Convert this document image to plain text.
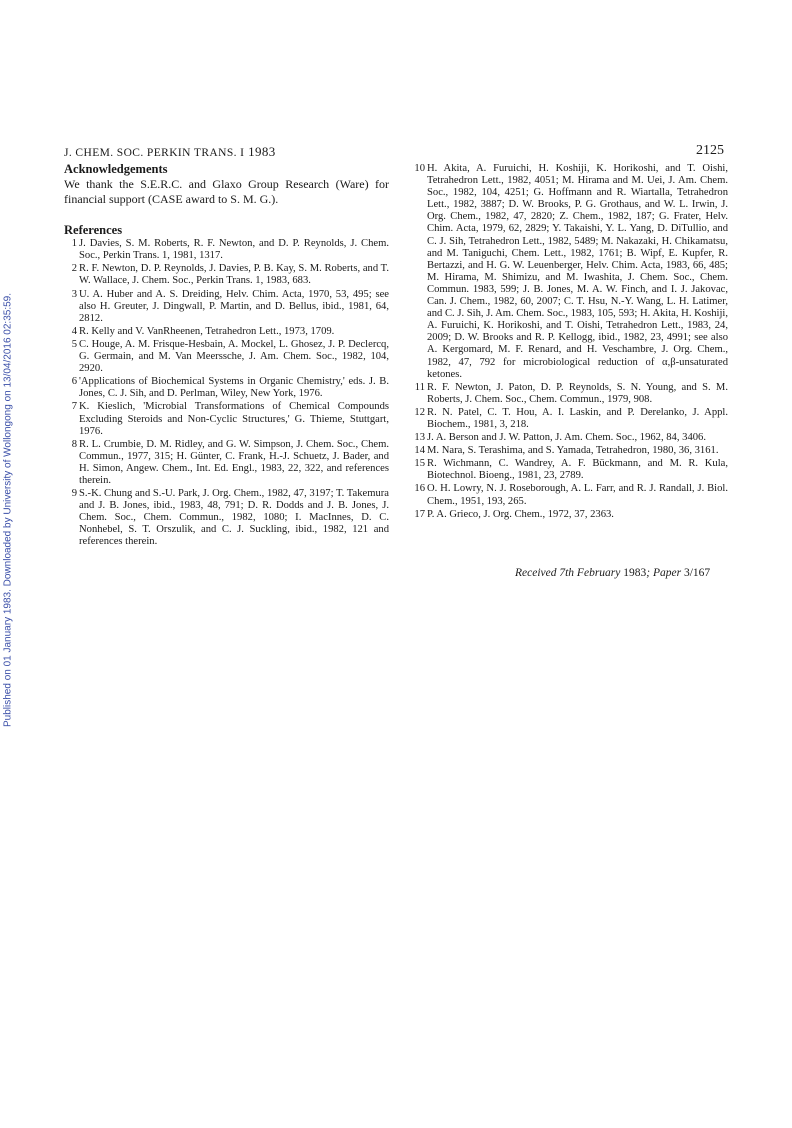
Published on 01 January 1983. Downloaded by University of Wollongong on 13/04/2016 02:35:59.
J. CHEM. SOC. PERKIN TRANS. I 1983	2125
Acknowledgements

We thank the S.E.R.C. and Glaxo Group Research (Ware) for financial support (CASE award to S. M. G.).

References
1 J. Davies, S. M. Roberts, R. F. Newton, and D. P. Reynolds, J. Chem. Soc., Perkin Trans. 1, 1981, 1317.
2 R. F. Newton, D. P. Reynolds, J. Davies, P. B. Kay, S. M. Roberts, and T. W. Wallace, J. Chem. Soc., Perkin Trans. 1, 1983, 683.
3 U. A. Huber and A. S. Dreiding, Helv. Chim. Acta, 1970, 53, 495; see also H. Greuter, J. Dingwall, P. Martin, and D. Bellus, ibid., 1981, 64, 2812.
4 R. Kelly and V. VanRheenen, Tetrahedron Lett., 1973, 1709.
5 C. Houge, A. M. Frisque-Hesbain, A. Mockel, L. Ghosez, J. P. Declercq, G. Germain, and M. Van Meerssche, J. Am. Chem. Soc., 1982, 104, 2920.
6 'Applications of Biochemical Systems in Organic Chemistry,' eds. J. B. Jones, C. J. Sih, and D. Perlman, Wiley, New York, 1976.
7 K. Kieslich, 'Microbial Transformations of Chemical Compounds Excluding Steroids and Non-Cyclic Structures,' G. Thieme, Stuttgart, 1976.
8 R. L. Crumbie, D. M. Ridley, and G. W. Simpson, J. Chem. Soc., Chem. Commun., 1977, 315; H. Günter, C. Frank, H.-J. Schuetz, J. Bader, and H. Simon, Angew. Chem., Int. Ed. Engl., 1983, 22, 322, and references therein.
9 S.-K. Chung and S.-U. Park, J. Org. Chem., 1982, 47, 3197; T. Takemura and J. B. Jones, ibid., 1983, 48, 791; D. R. Dodds and J. B. Jones, J. Chem. Soc., Chem. Commun., 1982, 1080; I. MacInnes, D. C. Nonhebel, S. T. Orszulik, and C. J. Suckling, ibid., 1982, 121 and references therein.
10 H. Akita, A. Furuichi, H. Koshiji, K. Horikoshi, and T. Oishi, Tetrahedron Lett., 1982, 4051; M. Hirama and M. Uei, J. Am. Chem. Soc., 1982, 104, 4251; G. Hoffmann and R. Wiartalla, Tetrahedron Lett., 1982, 3887; D. W. Brooks, P. G. Grothaus, and W. L. Irwin, J. Org. Chem., 1982, 47, 2820; Z. Chem., 1982, 187; G. Frater, Helv. Chim. Acta, 1979, 62, 2829; Y. Takaishi, Y. L. Yang, D. DiTullio, and C. J. Sih, Tetrahedron Lett., 1982, 5489; M. Nakazaki, H. Chikamatsu, and M. Taniguchi, Chem. Lett., 1982, 1761; B. Wipf, E. Kupfer, R. Bertazzi, and H. G. W. Leuenberger, Helv. Chim. Acta, 1983, 66, 485; M. Hirama, M. Shimizu, and M. Iwashita, J. Chem. Soc., Chem. Commun. 1983, 599; J. B. Jones, M. A. W. Finch, and I. J. Jakovac, Can. J. Chem., 1982, 60, 2007; C. T. Hsu, N.-Y. Wang, L. H. Latimer, and C. J. Sih, J. Am. Chem. Soc., 1983, 105, 593; H. Akita, H. Koshiji, A. Furuichi, K. Horikoshi, and T. Oishi, Tetrahedron Lett., 1983, 24, 2009; D. W. Brooks and R. P. Kellogg, ibid., 1982, 23, 4991; see also A. Kergomard, M. F. Renard, and H. Veschambre, J. Org. Chem., 1982, 47, 792 for microbiological reduction of α,β-unsaturated ketones.
11 R. F. Newton, J. Paton, D. P. Reynolds, S. N. Young, and S. M. Roberts, J. Chem. Soc., Chem. Commun., 1979, 908.
12 R. N. Patel, C. T. Hou, A. I. Laskin, and P. Derelanko, J. Appl. Biochem., 1981, 3, 218.
13 J. A. Berson and J. W. Patton, J. Am. Chem. Soc., 1962, 84, 3406.
14 M. Nara, S. Terashima, and S. Yamada, Tetrahedron, 1980, 36, 3161.
15 R. Wichmann, C. Wandrey, A. F. Bückmann, and M. R. Kula, Biotechnol. Bioeng., 1981, 23, 2789.
16 O. H. Lowry, N. J. Roseborough, A. L. Farr, and R. J. Randall, J. Biol. Chem., 1951, 193, 265.
17 P. A. Grieco, J. Org. Chem., 1972, 37, 2363.
Received 7th February 1983; Paper 3/167
